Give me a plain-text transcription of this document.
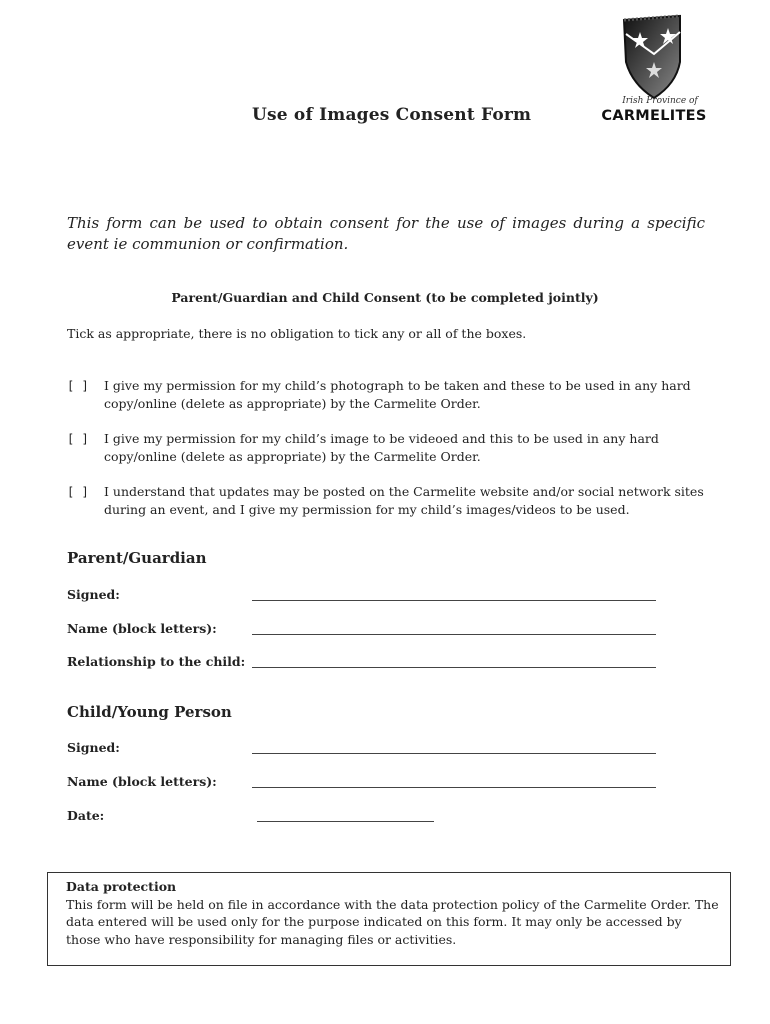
Irish Province of
CARMELITES
Use of Images Consent Form
This form can be used to obtain consent for the use of images during a specific event ie communion or confirmation.
Parent/Guardian and Child Consent (to be completed jointly)
Tick as appropriate, there is no obligation to tick any or all of the boxes.
[ ]	I give my permission for my child’s photograph to be taken and these to be used in any hard copy/online (delete as appropriate) by the Carmelite Order.
[ ]	I give my permission for my child’s image to be videoed and this to be used in any hard copy/online (delete as appropriate) by the Carmelite Order.
[ ]	I understand that updates may be posted on the Carmelite website and/or social network sites during an event, and I give my permission for my child’s images/videos to be used.
Parent/Guardian
Signed:
Name (block letters):
Relationship to the child:
Child/Young Person
Signed:
Name (block letters):
Date:
Data protection
This form will be held on file in accordance with the data protection policy of the Carmelite Order. The data entered will be used only for the purpose indicated on this form. It may only be accessed by those who have responsibility for managing files or activities.
